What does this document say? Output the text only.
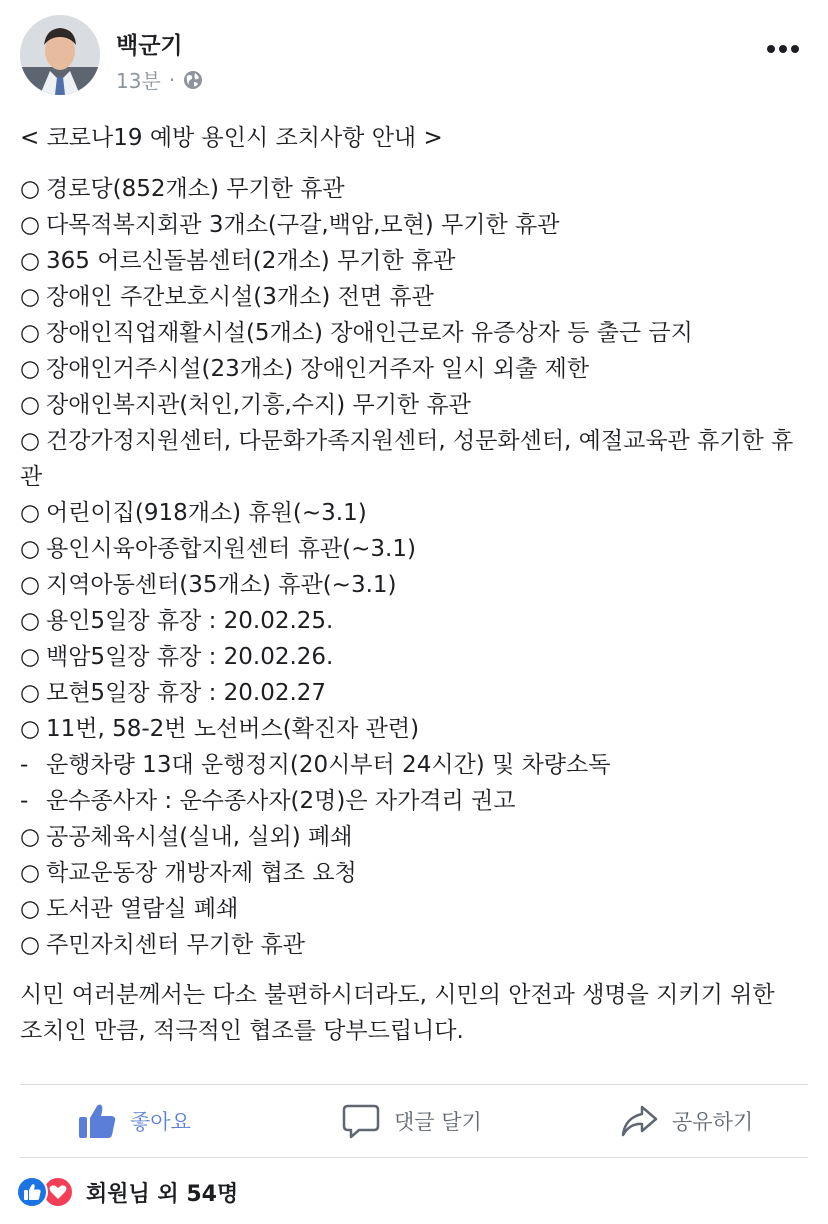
백군기
13분 ·
< 코로나19 예방 용인시 조치사항 안내 >
○ 경로당(852개소) 무기한 휴관
○ 다목적복지회관 3개소(구갈,백암,모현) 무기한 휴관
○ 365 어르신돌봄센터(2개소) 무기한 휴관
○ 장애인 주간보호시설(3개소) 전면 휴관
○ 장애인직업재활시설(5개소) 장애인근로자 유증상자 등 출근 금지
○ 장애인거주시설(23개소) 장애인거주자 일시 외출 제한
○ 장애인복지관(처인,기흥,수지) 무기한 휴관
○ 건강가정지원센터, 다문화가족지원센터, 성문화센터, 예절교육관 휴기한 휴관
○ 어린이집(918개소) 휴원(~3.1)
○ 용인시육아종합지원센터 휴관(~3.1)
○ 지역아동센터(35개소) 휴관(~3.1)
○ 용인5일장 휴장 : 20.02.25.
○ 백암5일장 휴장 : 20.02.26.
○ 모현5일장 휴장 : 20.02.27
○ 11번, 58-2번 노선버스(확진자 관련)
- 운행차량 13대 운행정지(20시부터 24시간) 및 차량소독
- 운수종사자 : 운수종사자(2명)은 자가격리 권고
○ 공공체육시설(실내, 실외) 폐쇄
○ 학교운동장 개방자제 협조 요청
○ 도서관 열람실 폐쇄
○ 주민자치센터 무기한 휴관
시민 여러분께서는 다소 불편하시더라도, 시민의 안전과 생명을 지키기 위한 조치인 만큼, 적극적인 협조를 당부드립니다.
좋아요	댓글 달기	공유하기
회원님 외 54명
